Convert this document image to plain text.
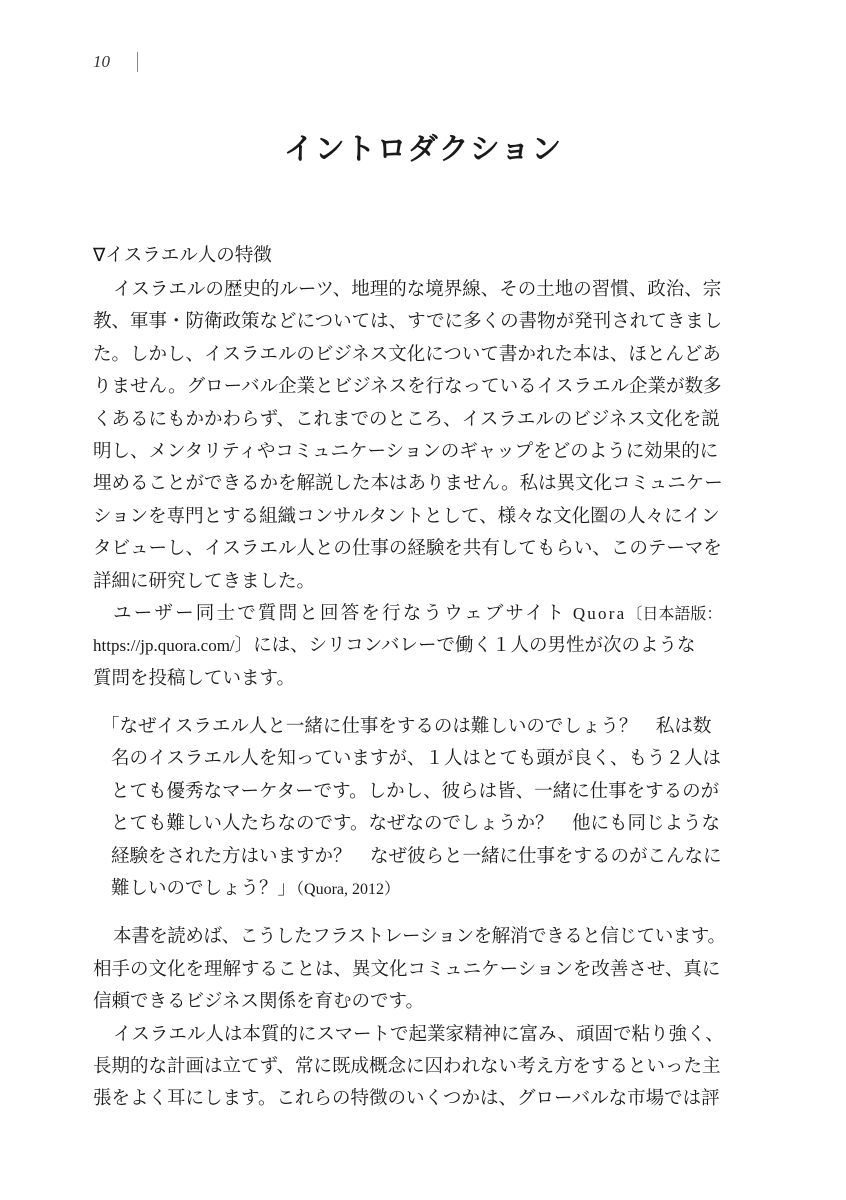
10
イントロダクション
∇イスラエル人の特徴
イスラエルの歴史的ルーツ、地理的な境界線、その土地の習慣、政治、宗
教、軍事・防衛政策などについては、すでに多くの書物が発刊されてきまし
た。しかし、イスラエルのビジネス文化について書かれた本は、ほとんどあ
りません。グローバル企業とビジネスを行なっているイスラエル企業が数多
くあるにもかかわらず、これまでのところ、イスラエルのビジネス文化を説
明し、メンタリティやコミュニケーションのギャップをどのように効果的に
埋めることができるかを解説した本はありません。私は異文化コミュニケー
ションを専門とする組織コンサルタントとして、様々な文化圏の人々にイン
タビューし、イスラエル人との仕事の経験を共有してもらい、このテーマを
詳細に研究してきました。
ユーザー同士で質問と回答を行なうウェブサイト Quora〔日本語版：
https://jp.quora.com/〕には、シリコンバレーで働く１人の男性が次のような
質問を投稿しています。
「なぜイスラエル人と一緒に仕事をするのは難しいのでしょう？　私は数
名のイスラエル人を知っていますが、１人はとても頭が良く、もう２人は
とても優秀なマーケターです。しかし、彼らは皆、一緒に仕事をするのが
とても難しい人たちなのです。なぜなのでしょうか？　他にも同じような
経験をされた方はいますか？　なぜ彼らと一緒に仕事をするのがこんなに
難しいのでしょう？」（Quora, 2012）
本書を読めば、こうしたフラストレーションを解消できると信じています。
相手の文化を理解することは、異文化コミュニケーションを改善させ、真に
信頼できるビジネス関係を育むのです。
イスラエル人は本質的にスマートで起業家精神に富み、頑固で粘り強く、
長期的な計画は立てず、常に既成概念に囚われない考え方をするといった主
張をよく耳にします。これらの特徴のいくつかは、グローバルな市場では評
